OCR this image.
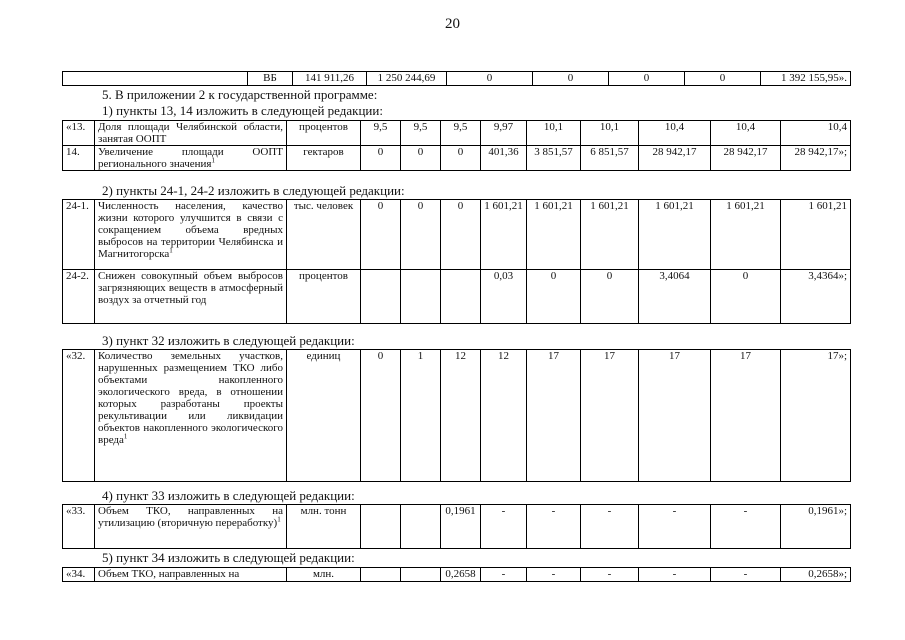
20
	ВБ	141 911,26	1 250 244,69	0	0	0	0	1 392 155,95».
5. В приложении 2 к государственной программе:
1) пункты 13, 14 изложить в следующей редакции:
2) пункты 24-1, 24-2 изложить в следующей редакции:
3) пункт 32 изложить в следующей редакции:
4) пункт 33 изложить в следующей редакции:
5) пункт 34 изложить в следующей редакции:
«13.	Доля площади Челябинской области, занятая ООПТ	процентов	9,5	9,5	9,5	9,97	10,1	10,1	10,4	10,4	10,4
14.	Увеличение площади ООПТ регионального значения$^1$	гектаров	0	0	0	401,36	3 851,57	6 851,57	28 942,17	28 942,17	28 942,17»;
24-1.	Численность населения, качество жизни которого улучшится в связи с сокращением объема вредных выбросов на территории Челябинска и Магнитогорска$^1$	тыс. человек	0	0	0	1 601,21	1 601,21	1 601,21	1 601,21	1 601,21	1 601,21
24-2.	Снижен совокупный объем выбросов загрязняющих веществ в атмосферный воздух за отчетный год	процентов				0,03	0	0	3,4064	0	3,4364»;
«32.	Количество земельных участков, нарушенных размещением ТКО либо объектами накопленного экологического вреда, в отношении которых разработаны проекты рекультивации или ликвидации объектов накопленного экологического вреда$^1$	единиц	0	1	12	12	17	17	17	17	17»;
«33.	Объем ТКО, направленных на утилизацию (вторичную переработку)$^1$	млн. тонн			0,1961	-	-	-	-	-	0,1961»;
«34.	Объем ТКО, направленных на	млн.			0,2658	-	-	-	-	-	0,2658»;
